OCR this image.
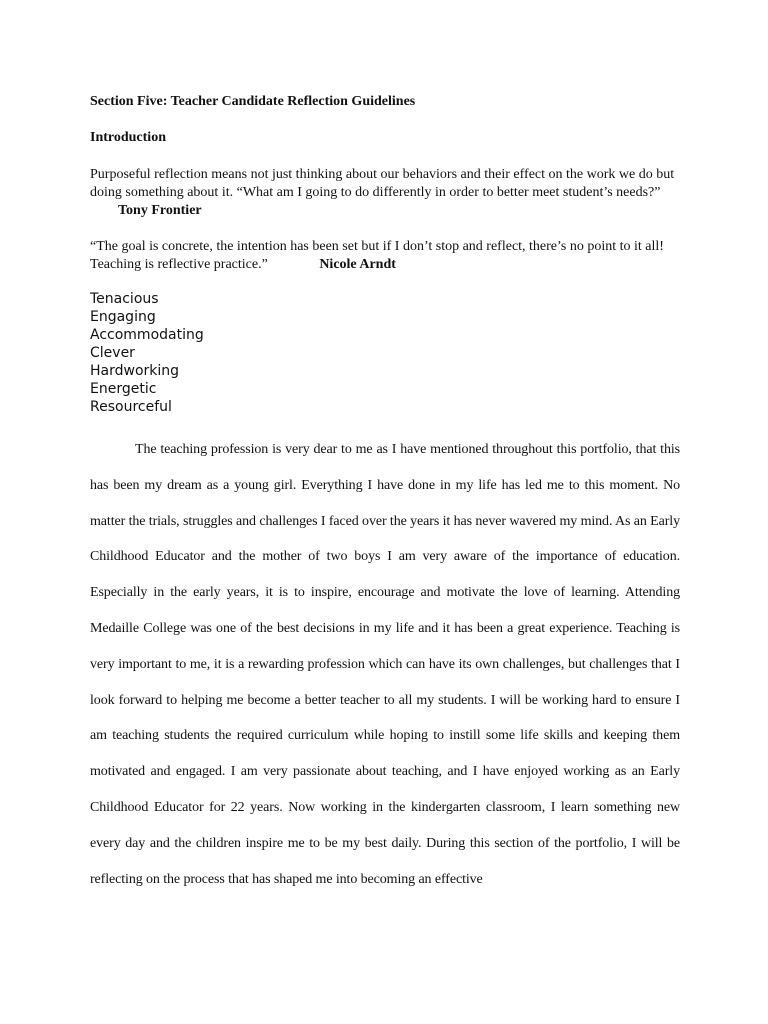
Section Five: Teacher Candidate Reflection Guidelines

Introduction

Purposeful reflection means not just thinking about our behaviors and their effect on the work we do but doing something about it. “What am I going to do differently in order to better meet student’s needs?” Tony Frontier

“The goal is concrete, the intention has been set but if I don’t stop and reflect, there’s no point to it all! Teaching is reflective practice.”	Nicole Arndt

Tenacious
Engaging
Accommodating
Clever
Hardworking
Energetic
Resourceful

The teaching profession is very dear to me as I have mentioned throughout this portfolio, that this has been my dream as a young girl. Everything I have done in my life has led me to this moment. No matter the trials, struggles and challenges I faced over the years it has never wavered my mind. As an Early Childhood Educator and the mother of two boys I am very aware of the importance of education. Especially in the early years, it is to inspire, encourage and motivate the love of learning. Attending Medaille College was one of the best decisions in my life and it has been a great experience. Teaching is very important to me, it is a rewarding profession which can have its own challenges, but challenges that I look forward to helping me become a better teacher to all my students. I will be working hard to ensure I am teaching students the required curriculum while hoping to instill some life skills and keeping them motivated and engaged. I am very passionate about teaching, and I have enjoyed working as an Early Childhood Educator for 22 years. Now working in the kindergarten classroom, I learn something new every day and the children inspire me to be my best daily. During this section of the portfolio, I will be reflecting on the process that has shaped me into becoming an effective
